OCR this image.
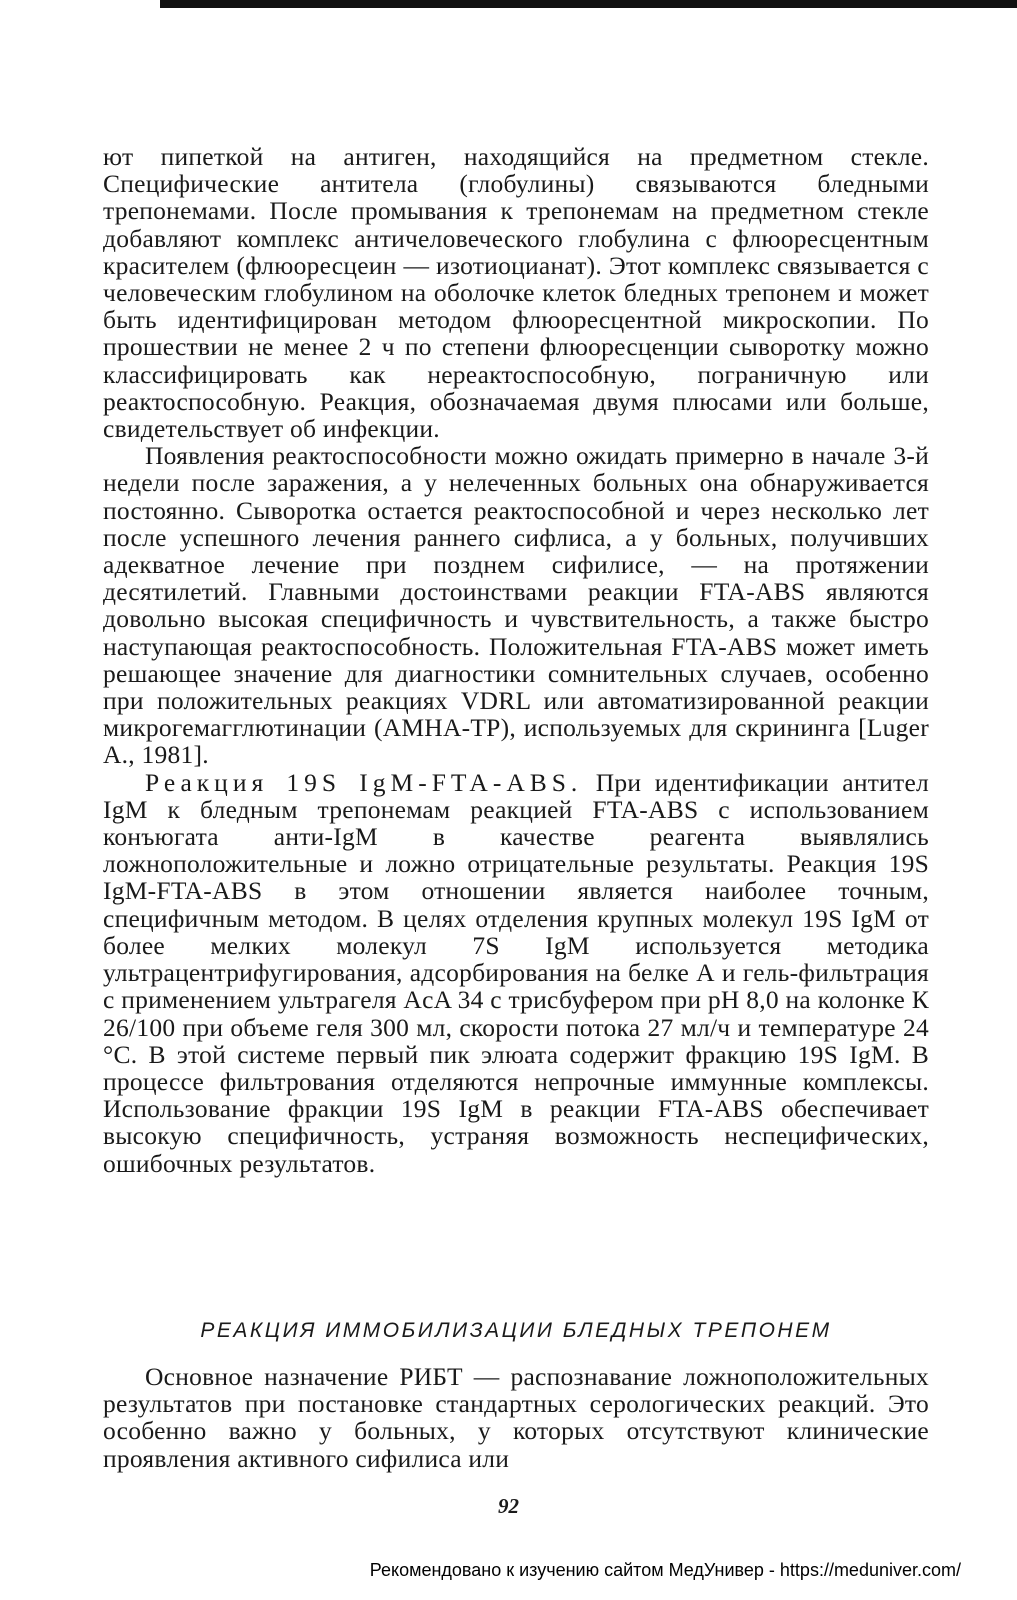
ют пипеткой на антиген, находящийся на предметном стекле. Специфические антитела (глобулины) связываются бледными трепонемами. После промывания к трепонемам на предметном стекле добавляют комплекс античеловеческого глобулина с флюоресцентным красителем (флюоресцеин — изотиоцианат). Этот комплекс связывается с человеческим глобулином на оболочке клеток бледных трепонем и может быть идентифицирован методом флюоресцентной микроскопии. По прошествии не менее 2 ч по степени флюоресценции сыворотку можно классифицировать как нереактоспособную, пограничную или реактоспособную. Реакция, обозначаемая двумя плюсами или больше, свидетельствует об инфекции.

Появления реактоспособности можно ожидать примерно в начале 3-й недели после заражения, а у нелеченных больных она обнаруживается постоянно. Сыворотка остается реактоспособной и через несколько лет после успешного лечения раннего сифлиса, а у больных, получивших адекватное лечение при позднем сифилисе, — на протяжении десятилетий. Главными достоинствами реакции FTA-ABS являются довольно высокая специфичность и чувствительность, а также быстро наступающая реактоспособность. Положительная FTA-ABS может иметь решающее значение для диагностики сомнительных случаев, особенно при положительных реакциях VDRL или автоматизированной реакции микрогемагглютинации (AMHA-TP), используемых для скрининга [Luger A., 1981].

Реакция 19S IgM-FTA-ABS. При идентификации антител IgM к бледным трепонемам реакцией FTA-ABS с использованием конъюгата анти-IgM в качестве реагента выявлялись ложноположительные и ложно отрицательные результаты. Реакция 19S IgM-FTA-ABS в этом отношении является наиболее точным, специфичным методом. В целях отделения крупных молекул 19S IgM от более мелких молекул 7S IgM используется методика ультрацентрифугирования, адсорбирования на белке А и гель-фильтрация с применением ультрагеля AcA 34 с трисбуфером при pH 8,0 на колонке К 26/100 при объеме геля 300 мл, скорости потока 27 мл/ч и температуре 24 °С. В этой системе первый пик элюата содержит фракцию 19S IgM. В процессе фильтрования отделяются непрочные иммунные комплексы. Использование фракции 19S IgM в реакции FTA-ABS обеспечивает высокую специфичность, устраняя возможность неспецифических, ошибочных результатов.

РЕАКЦИЯ ИММОБИЛИЗАЦИИ БЛЕДНЫХ ТРЕПОНЕМ

Основное назначение РИБТ — распознавание ложноположительных результатов при постановке стандартных серологических реакций. Это особенно важно у больных, у которых отсутствуют клинические проявления активного сифилиса или

92
Рекомендовано к изучению сайтом МедУнивер - https://meduniver.com/
